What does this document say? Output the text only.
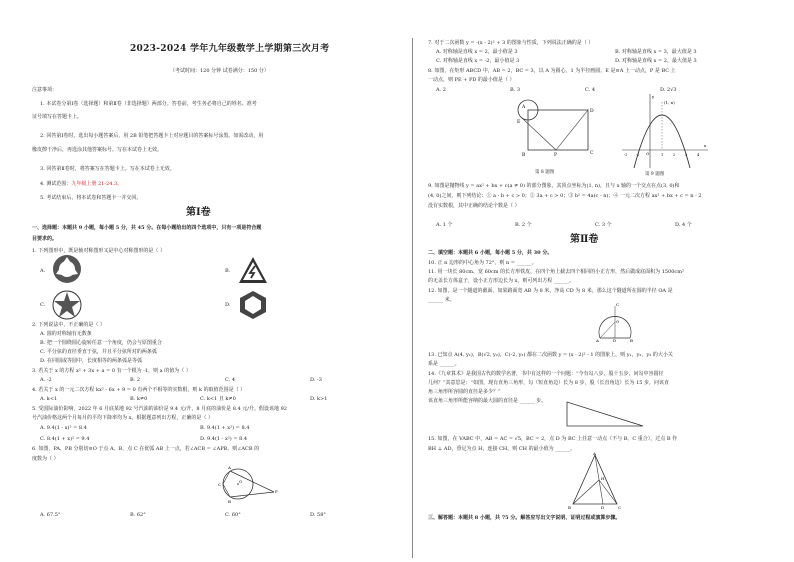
2023-2024 学年九年级数学上学期第三次月考
（考试时间：120 分钟 试卷满分：150 分）
注意事项：
1. 本试卷分第Ⅰ卷（选择题）和第Ⅱ卷（非选择题）两部分。答卷前，考生务必将自己的姓名、准考
证号填写在答题卡上。
2. 回答第Ⅰ卷时，选出每小题答案后，用 2B 铅笔把答题卡上对应题目的答案标号涂黑。如需改动，用
橡皮擦干净后，再选涂其他答案标号。写在本试卷上无效。
3. 回答第Ⅱ卷时，将答案写在答题卡上。写在本试卷上无效。
4. 测试范围：九年级上册 21-24.3。
5. 考试结束后，将本试卷和答题卡一并交回。
第Ⅰ卷
一、选择题：本题共 9 小题，每小题 5 分，共 45 分。在每小题给出的四个选项中，只有一项是符合题
目要求的。
1. 下列图形中，既是轴对称图形又是中心对称图形的是（ ）
A.	B.
C.	D.
2. 下列说法中，不正确的是（ ）
A. 圆的对称轴有无数条
B. 把一个圆绕圆心旋转任意一个角度，仍会与原图重合
C. 平分弦的直径垂直于弦，并且平分弦所对的两条弧
D. 在同圆或等圆中，长度相等的两条弧是等弧
3. 若关于 x 的方程 x² + 3x + a = 0 有一个根为 -1，则 a 的值为（ ）
A. -2	B. 2	C. 4	D. -3
4. 若关于 x 的一元二次方程 kx² - 6x + 9 = 0 有两个不相等的实数根，则 k 的取值范围是（ ）
A. k<1	B. k≠0	C. k<1 且 k≠0	D. k>1
5. 受国际油价影响，2022 年 6 月底某地 92 号汽油的油价是 9.4 元/升，8 月底的油价是 8.4 元/升。假设该地 92
号汽油价格这两个月每月的平均下降率均为 x，根据题意列出方程，正确的是（ ）
A. 9.4(1 - x)² = 8.4	B. 9.4(1 + x²) = 8.4
C. 8.4(1 + x)² = 9.4	D. 9.4(1 - x²) = 8.4
6. 如图，PA、PB 分别切⊙O 于点 A、B，点 C 在优弧 AB 上一点，若∠ACB = ∠APB，则∠ACB 的
度数为（ ）
A
O
P
B
C
A. 67.5°	B. 62°	C. 60°	D. 58°
7. 对于二次函数 y = -(x - 2)² + 3 的图象与性质，下列说法正确的是（ ）
A. 对称轴是直线 x = 2，最小值是 3	B. 对称轴是直线 x = 3，最大值是 3
C. 对称轴是直线 x = -2，最小值是 3	D. 对称轴是直线 x = 2，最大值是 3
8. 如图，在矩形 ABCD 中，AB = 2，BC = 3，以 A 为圆心，1 为半径画圆，E 是⊙A 上一动点，P 是 BC 上
一动点，则 PE + PD 的最小值是（ ）
A. 2	B. 3	C. 4	D. 2√3
A
D
B	P	C
E
第 8 题图
y
x
O
(1, n)
-2 -1	1	2	3	4
第 9 题图
9. 如图是抛物线 y = ax² + bx + c(a ≠ 0) 的部分图象，其顶点坐标为(1, n)，且与 x 轴的一个交点在点(3, 0)和
(4, 0)之间，则下列结论：① a - b + c > 0；② 3a + c > 0；③ b² = 4a(c - n)；④ 一元二次方程 ax² + bx + c = n - 2
没有实数根，其中正确的结论个数是（ ）
A. 1 个	B. 2 个	C. 3 个	D. 4 个
第Ⅱ卷
二、填空题：本题共 6 小题，每小题 5 分，共 30 分。
10. 正 n 边形的中心角为 72°，则 n = ______。
11. 用一块长 80cm、宽 60cm 的长方形铁皮，在四个角上截去四个相同的小正方形，然后做成底面积为 1500cm²
的无盖长方体盒子，设小正方形边长为 x，则可列出方程 ______。
12. 如图，是一个隧道的截面，如果路面宽 AB 为 8 米，净高 CD 为 8 米，那么这个隧道所在圆的半径 OA 是
______ 米。
C
O
A	D	B
13. 已知点 A(4, y₁)，B(√2, y₂)，C(-2, y₃) 都在二次函数 y = (x - 2)² - 1 的图象上，则 y₁，y₂，y₃ 的大小关
系是 ______。
14.《九章算术》是我国古代的数学名著，书中有这样的一个问题：“今有勾八步，股十五步，问勾中容圆径
几何？”其意思是：“如图，现有直角三角形，勾（短直角边）长为 8 步，股（长直角边）长为 15 步，问该直
角三角形所容圆的直径是多少？”
该直角三角形所能容纳的最大圆的直径是 ______ 步。
15. 如图，在 VABC 中，AB = AC = √5，BC = 2，点 D 为 BC 上任意一动点（不与 B、C 重合），过点 B 作
BH ⊥ AD，垂足为点 H，连接 CH，则 CH 的最小值为 ______。
A
H
B	D	C
三、解答题：本题共 8 小题，共 75 分。解答应写出文字说明、证明过程或演算步骤。
